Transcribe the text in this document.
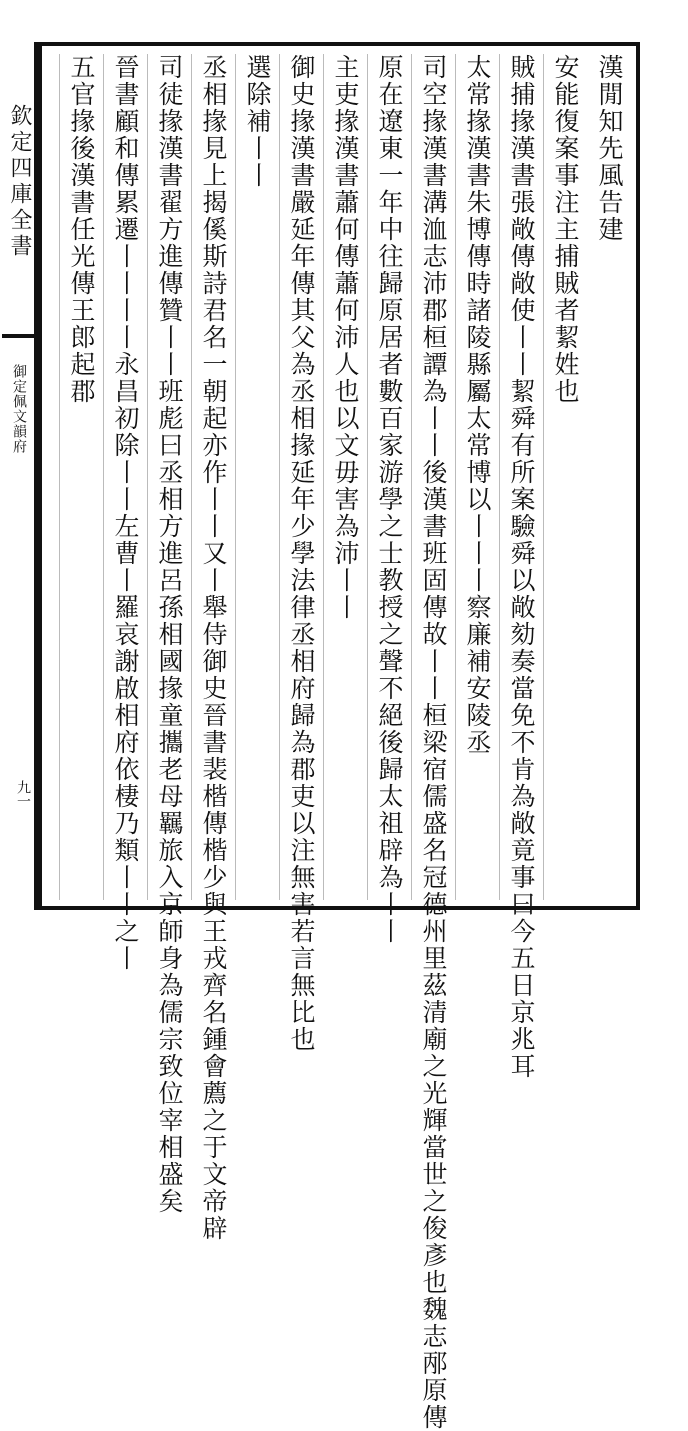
欽定四庫全書
御定佩文韻府
九一
漢閒知先風告建
安能復案事注主捕賊者絜姓也
賊捕掾漢書張敞傳敞使丨丨絜舜有所案驗舜以敞劾奏當免不肯為敞竟事曰今五日京兆耳
太常掾漢書朱博傳時諸陵縣屬太常博以丨丨丨察廉補安陵丞
司空掾漢書溝洫志沛郡桓譚為丨丨後漢書班固傳故丨丨桓梁宿儒盛名冠德州里茲清廟之光輝當世之俊彥也魏志邴原傳
原在遼東一年中往歸原居者數百家游學之士教授之聲不絕後歸太祖辟為丨丨
主吏掾漢書蕭何傳蕭何沛人也以文毋害為沛丨丨
御史掾漢書嚴延年傳其父為丞相掾延年少學法律丞相府歸為郡吏以注無害若言無比也
選除補丨丨
丞相掾見上揭傒斯詩君名一朝起亦作丨丨又丨舉侍御史晉書裴楷傳楷少與王戎齊名鍾會薦之于文帝辟
司徒掾漢書翟方進傳贊丨丨班彪曰丞相方進呂孫相國掾童攜老母羈旅入京師身為儒宗致位宰相盛矣
晉書顧和傳累遷丨丨丨丨永昌初除丨丨左曹丨羅哀謝啟相府依棲乃類丨丨之丨
五官掾後漢書任光傳王郎起郡
